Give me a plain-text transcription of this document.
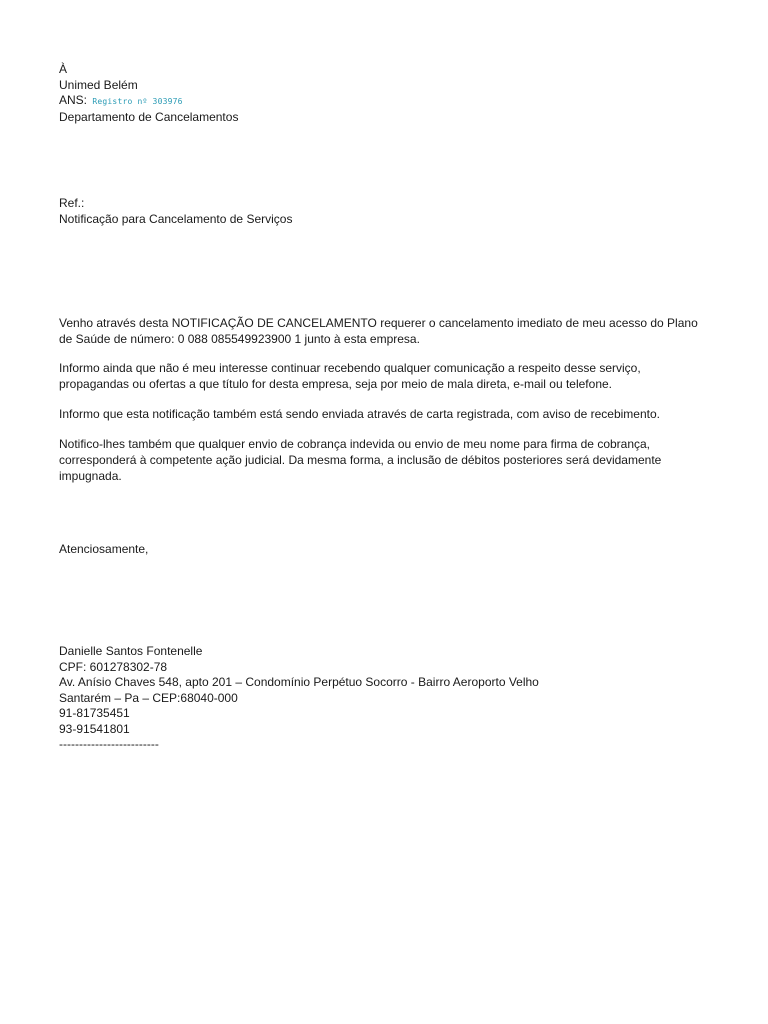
À
Unimed Belém
ANS: Registro nº 303976
Departamento de Cancelamentos
Ref.:
Notificação para Cancelamento de Serviços
Venho através desta NOTIFICAÇÃO DE CANCELAMENTO requerer o cancelamento imediato de meu acesso do Plano de Saúde de número: 0 088 085549923900 1 junto à esta empresa.
Informo ainda que não é meu interesse continuar recebendo qualquer comunicação a respeito desse serviço, propagandas ou ofertas a que título for desta empresa, seja por meio de mala direta, e-mail ou telefone.
Informo que esta notificação também está sendo enviada através de carta registrada, com aviso de recebimento.
Notifico-lhes também que qualquer envio de cobrança indevida ou envio de meu nome para firma de cobrança, corresponderá à competente ação judicial. Da mesma forma, a inclusão de débitos posteriores será devidamente impugnada.
Atenciosamente,
Danielle Santos Fontenelle
CPF: 601278302-78
Av. Anísio Chaves 548, apto 201 – Condomínio Perpétuo Socorro - Bairro Aeroporto Velho
Santarém – Pa – CEP:68040-000
91-81735451
93-91541801
-------------------------
